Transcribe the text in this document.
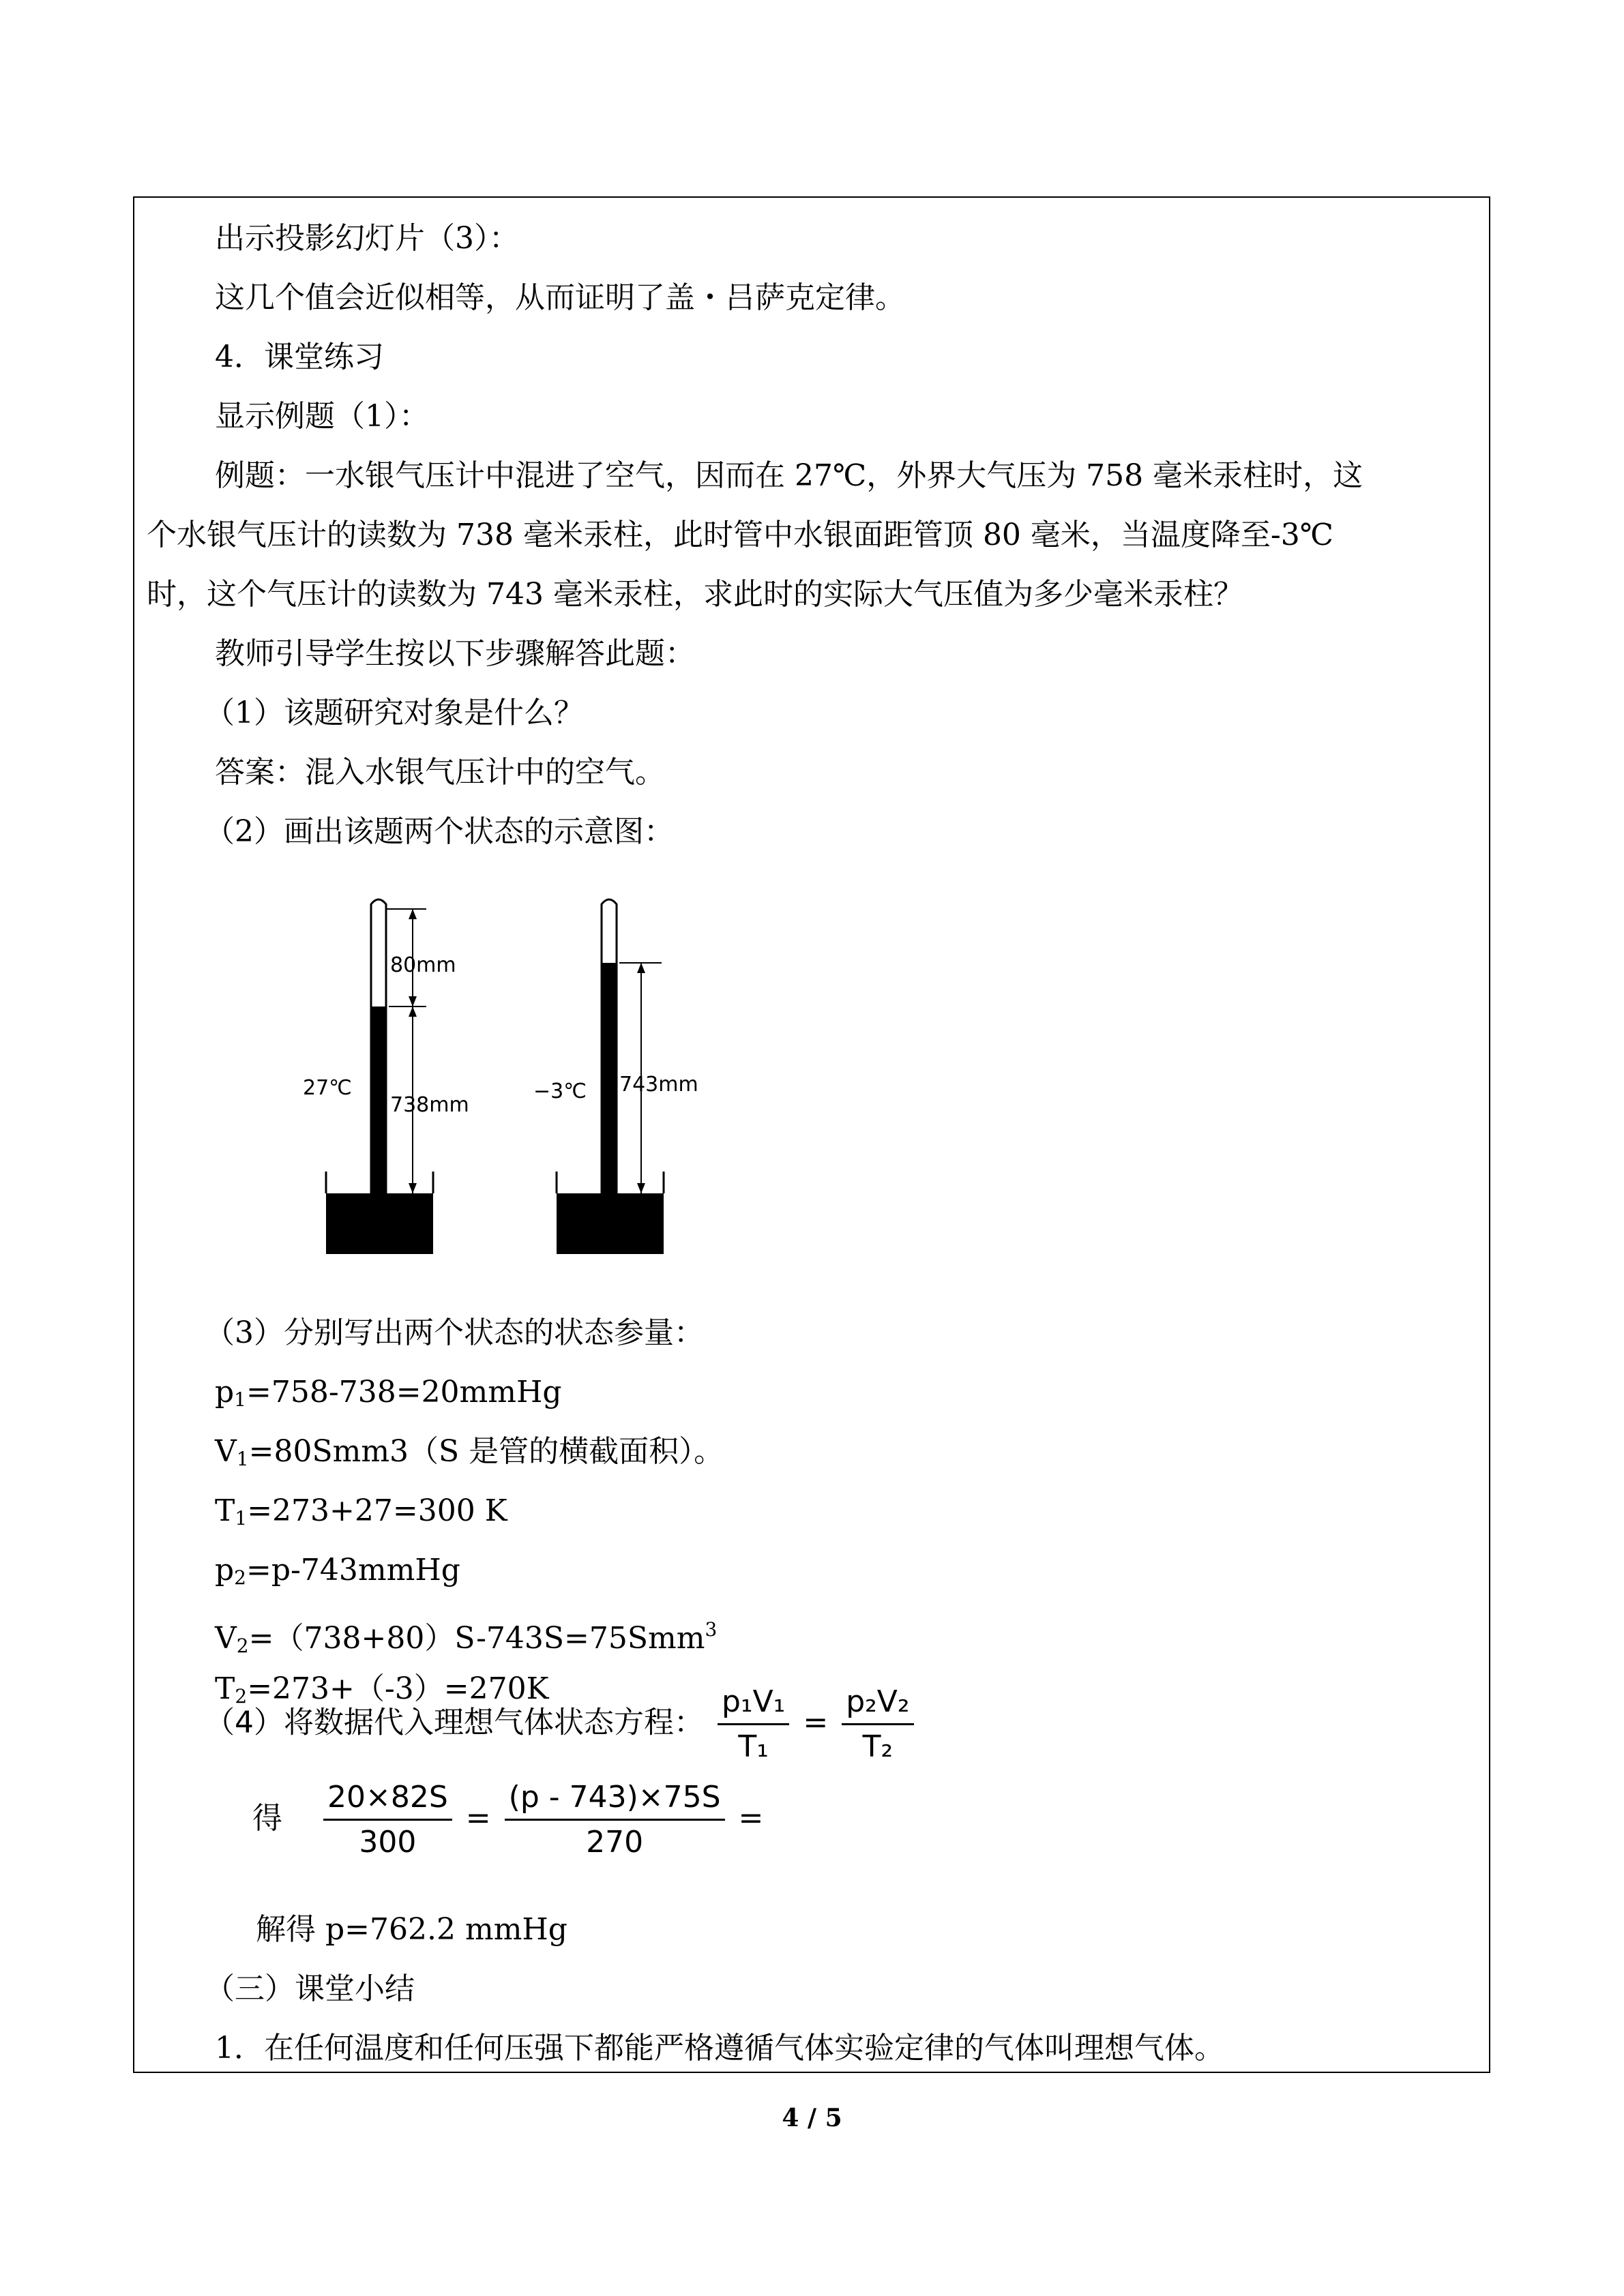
出示投影幻灯片（3）：
这几个值会近似相等，从而证明了盖・吕萨克定律。
4．课堂练习
显示例题（1）：
例题：一水银气压计中混进了空气，因而在 27℃，外界大气压为 758 毫米汞柱时，这
个水银气压计的读数为 738 毫米汞柱，此时管中水银面距管顶 80 毫米，当温度降至-3℃
时，这个气压计的读数为 743 毫米汞柱，求此时的实际大气压值为多少毫米汞柱？
教师引导学生按以下步骤解答此题：
（1）该题研究对象是什么？
答案：混入水银气压计中的空气。
（2）画出该题两个状态的示意图：
80mm
738mm
27℃	743mm
−3℃
（3）分别写出两个状态的状态参量：
$p_1=758-738=20mmHg$
$V_1=80Smm3(S$ 是管的横截面积）。
$T_1=273+27=300$ K
$p_2=p-743mmHg$
$V_2=(738+80)S-743S=75Smm^3$
$T_2=273+(-3)=270K$
（4）将数据代入理想气体状态方程： $\frac{\text{p₁V₁}}{\text{T₁}} = \frac{\text{p₂V₂}}{\text{T₂}}$
得 $\frac{20\times 82S}{300} = \frac{(p - 743)\times 75S}{270}$ =
解得 p=762.2 mmHg
（三）课堂小结
1．在任何温度和任何压强下都能严格遵循气体实验定律的气体叫理想气体。
4 / 5
